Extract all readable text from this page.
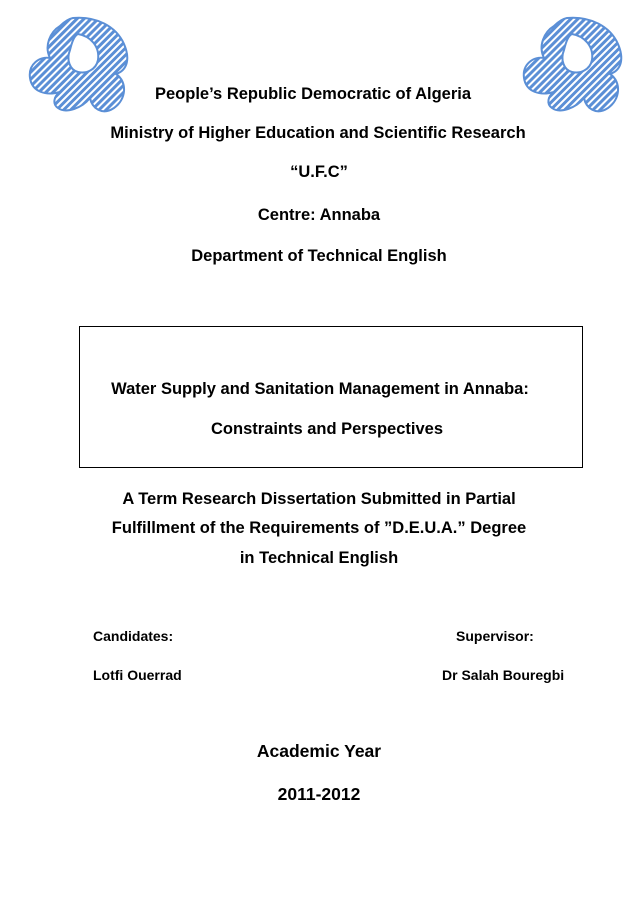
People’s Republic Democratic of Algeria
Ministry of Higher Education and Scientific Research
“U.F.C”
Centre: Annaba
Department of Technical English
Water Supply and Sanitation Management in Annaba:
Constraints and Perspectives
A Term Research Dissertation Submitted in Partial
Fulfillment of the Requirements of ”D.E.U.A.” Degree
in Technical English
Candidates:
Lotfi Ouerrad
Supervisor:
Dr Salah Bouregbi
Academic Year
2011-2012
